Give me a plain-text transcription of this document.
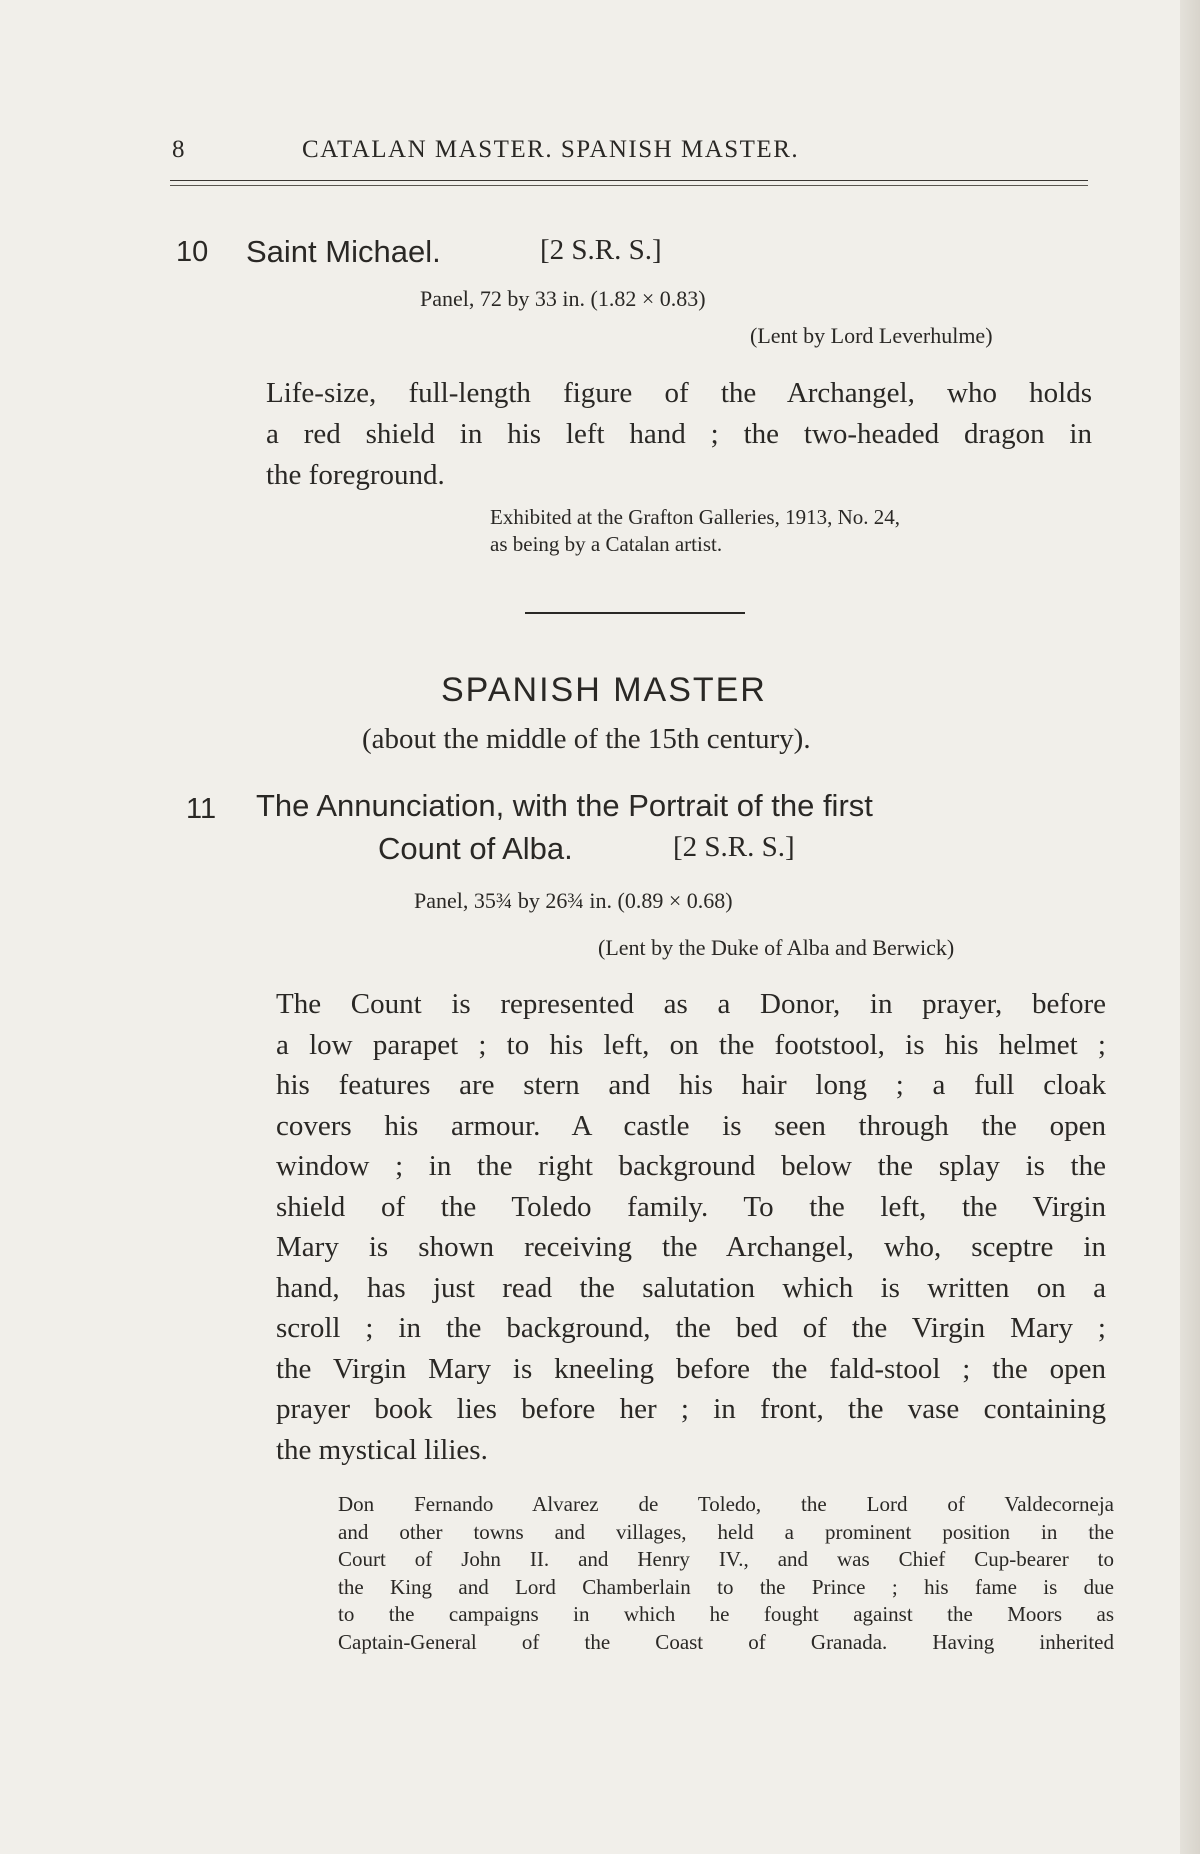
8	CATALAN MASTER. SPANISH MASTER.
10 Saint Michael.	[2 S.R. S.]
Panel, 72 by 33 in. (1.82 × 0.83)
(Lent by Lord Leverhulme)
Life-size, full-length figure of the Archangel, who holds
a red shield in his left hand ; the two-headed dragon in
the foreground.
Exhibited at the Grafton Galleries, 1913, No. 24,
as being by a Catalan artist.
SPANISH MASTER
(about the middle of the 15th century).
11 The Annunciation, with the Portrait of the first
Count of Alba.	[2 S.R. S.]
Panel, 35¾ by 26¾ in. (0.89 × 0.68)
(Lent by the Duke of Alba and Berwick)
The Count is represented as a Donor, in prayer, before
a low parapet ; to his left, on the footstool, is his helmet ;
his features are stern and his hair long ; a full cloak
covers his armour. A castle is seen through the open
window ; in the right background below the splay is the
shield of the Toledo family. To the left, the Virgin
Mary is shown receiving the Archangel, who, sceptre in
hand, has just read the salutation which is written on a
scroll ; in the background, the bed of the Virgin Mary ;
the Virgin Mary is kneeling before the fald-stool ; the open
prayer book lies before her ; in front, the vase containing
the mystical lilies.
Don Fernando Alvarez de Toledo, the Lord of Valdecorneja
and other towns and villages, held a prominent position in the
Court of John II. and Henry IV., and was Chief Cup-bearer to
the King and Lord Chamberlain to the Prince ; his fame is due
to the campaigns in which he fought against the Moors as
Captain-General of the Coast of Granada. Having inherited
